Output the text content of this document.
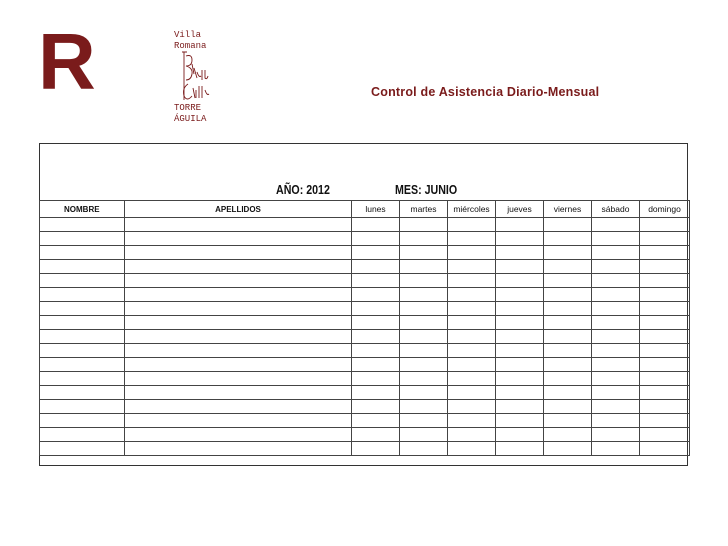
R	Villa
Romana
TORRE
ÁGUILA
Control de Asistencia Diario-Mensual
AÑO: 2012	MES: JUNIO
NOMBRE	APELLIDOS	lunes	martes	miércoles	jueves	viernes	sábado	domingo
